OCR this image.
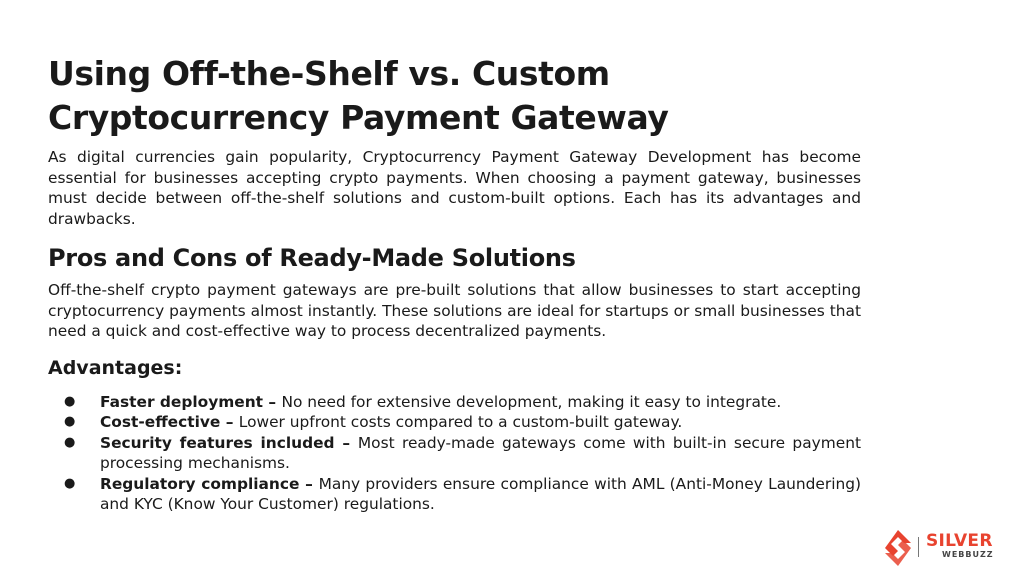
Using Off-the-Shelf vs. Custom Cryptocurrency Payment Gateway

As digital currencies gain popularity, Cryptocurrency Payment Gateway Development has become essential for businesses accepting crypto payments. When choosing a payment gateway, businesses must decide between off-the-shelf solutions and custom-built options. Each has its advantages and drawbacks.

Pros and Cons of Ready-Made Solutions

Off-the-shelf crypto payment gateways are pre-built solutions that allow businesses to start accepting cryptocurrency payments almost instantly. These solutions are ideal for startups or small businesses that need a quick and cost-effective way to process decentralized payments.

Advantages:
● Faster deployment – No need for extensive development, making it easy to integrate.
● Cost-effective – Lower upfront costs compared to a custom-built gateway.
● Security features included – Most ready-made gateways come with built-in secure payment processing mechanisms.
● Regulatory compliance – Many providers ensure compliance with AML (Anti-Money Laundering) and KYC (Know Your Customer) regulations.
SILVER
WEBBUZZ
